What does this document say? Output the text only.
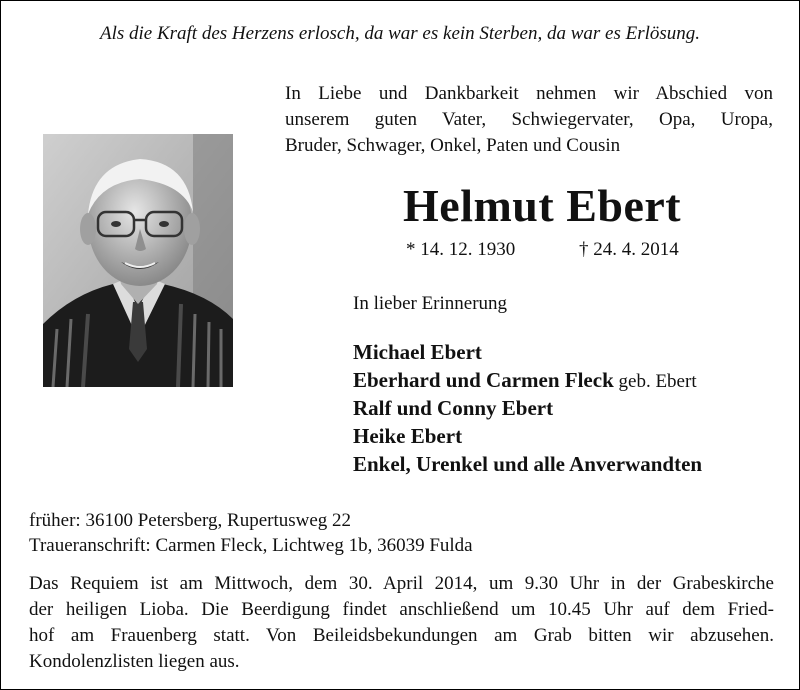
Als die Kraft des Herzens erlosch, da war es kein Sterben, da war es Erlösung.
In Liebe und Dankbarkeit nehmen wir Abschied von
unserem guten Vater, Schwiegervater, Opa, Uropa,
Bruder, Schwager, Onkel, Paten und Cousin
Helmut Ebert
* 14. 12. 1930	† 24. 4. 2014
In lieber Erinnerung
Michael Ebert
Eberhard und Carmen Fleck geb. Ebert
Ralf und Conny Ebert
Heike Ebert
Enkel, Urenkel und alle Anverwandten
früher: 36100 Petersberg, Rupertusweg 22
Traueranschrift: Carmen Fleck, Lichtweg 1b, 36039 Fulda
Das Requiem ist am Mittwoch, dem 30. April 2014, um 9.30 Uhr in der Grabeskirche
der heiligen Lioba. Die Beerdigung findet anschließend um 10.45 Uhr auf dem Fried-
hof am Frauenberg statt. Von Beileidsbekundungen am Grab bitten wir abzusehen.
Kondolenzlisten liegen aus.
